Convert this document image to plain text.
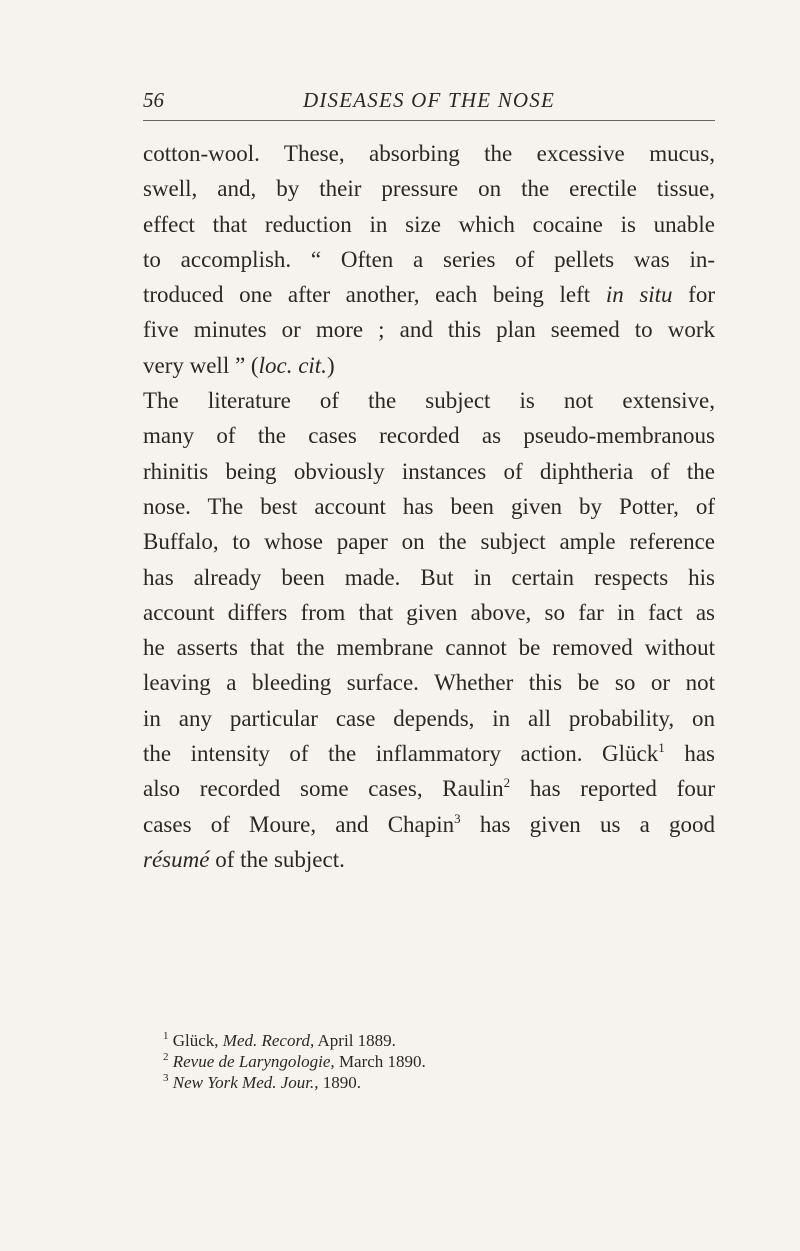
56	DISEASES OF THE NOSE
cotton-wool. These, absorbing the excessive mucus,
swell, and, by their pressure on the erectile tissue,
effect that reduction in size which cocaine is unable
to accomplish. “ Often a series of pellets was in-
troduced one after another, each being left in situ for
five minutes or more ; and this plan seemed to work
very well ” (loc. cit.)
The literature of the subject is not extensive,
many of the cases recorded as pseudo-membranous
rhinitis being obviously instances of diphtheria of the
nose. The best account has been given by Potter, of
Buffalo, to whose paper on the subject ample reference
has already been made. But in certain respects his
account differs from that given above, so far in fact as
he asserts that the membrane cannot be removed without
leaving a bleeding surface. Whether this be so or not
in any particular case depends, in all probability, on
the intensity of the inflammatory action. Glück$^1$ has
also recorded some cases, Raulin$^2$ has reported four
cases of Moure, and Chapin$^3$ has given us a good
résumé of the subject.
$^1$ Glück, Med. Record, April 1889.
$^2$ Revue de Laryngologie, March 1890.
$^3$ New York Med. Jour., 1890.
